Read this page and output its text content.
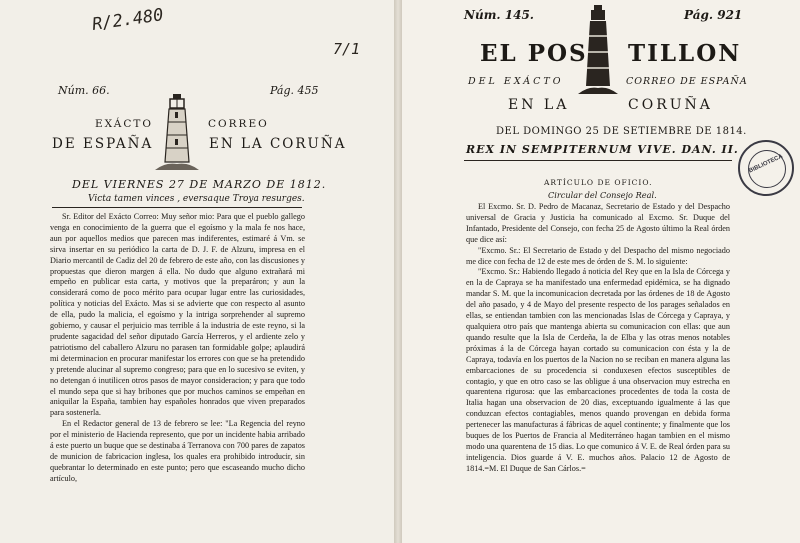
R/2.480
7/1
Núm. 66.	Pág. 455
EXÁCTO	CORREO
DE ESPAÑA	EN LA CORUÑA
DEL VIERNES 27 DE MARZO DE 1812.
Victa tamen vinces , eversaque Troya resurges.

Sr. Editor del Exácto Correo: Muy señor mio: Para que el pueblo gallego venga en conocimiento de la guerra que el egoísmo y la mala fe nos hace, aun por aquellos medios que parecen mas indiferentes, estimaré á Vm. se sirva insertar en su periódico la carta de D. J. F. de Alzuru, impresa en el Diario mercantil de Cadiz del 20 de febrero de este año, con las discusiones y propuestas que dieron margen á ella. No dudo que alguno extrañará mi empeño en publicar esta carta, y motivos que la preparáron; y aun la considerará como de poco mérito para ocupar lugar entre las curiosidades, política y noticias del Exácto. Mas si se advierte que con respecto al asunto de ella, pudo la malicia, el egoísmo y la intriga sorprehender al supremo gobierno, y causar el perjuicio mas terrible á la industria de este reyno, si la prudente sagacidad del señor diputado García Herreros, y el ardiente zelo y patriotismo del caballero Alzuru no parasen tan formidable golpe; aplaudirá mi determinacion en procurar manifestar los errores con que se ha pretendido y pretende alucinar al supremo congreso; para que en lo sucesivo se eviten, y no detengan ó inutilicen otros pasos de mayor consideracion; y para que todo el mundo sepa que si hay bribones que por muchos caminos se empeñan en aniquilar la España, tambien hay españoles honrados que viven preparados para sostenerla.

En el Redactor general de 13 de febrero se lee: "La Regencia del reyno por el ministerio de Hacienda represento, que por un incidente habia arribado á este puerto un buque que se destinaba á Terranova con 700 pares de zapatos de municion de fabricacion inglesa, los quales era prohibido introducir, sin quebrantar lo determinado en este punto; pero que escaseando mucho dicho artículo,

Núm. 145.	Pág. 921
EL POS TILLON
DEL EXÁCTO	CORREO DE ESPAÑA
EN LA	CORUÑA
DEL DOMINGO 25 DE SETIEMBRE DE 1814.
REX IN SEMPITERNUM VIVE. DAN. II.
ARTÍCULO DE OFICIO.
Circular del Consejo Real.

El Excmo. Sr. D. Pedro de Macanaz, Secretario de Estado y del Despacho universal de Gracia y Justicia ha comunicado al Excmo. Sr. Duque del Infantado, Presidente del Consejo, con fecha 25 de Agosto último la Real órden que dice así:

"Excmo. Sr.: El Secretario de Estado y del Despacho del mismo negociado me dice con fecha de 12 de este mes de órden de S. M. lo siguiente:

"Excmo. Sr.: Habiendo llegado á noticia del Rey que en la Isla de Córcega y en la de Capraya se ha manifestado una enfermedad epidémica, se ha dignado mandar S. M. que la incomunicacion decretada por las órdenes de 18 de Agosto del año pasado, y 4 de Mayo del presente respecto de los parages señalados en ellas, se entiendan tambien con las mencionadas Islas de Córcega y Capraya, y qualquiera otro país que mantenga abierta su comunicacion con ellas: que aun quando resulte que la Isla de Cerdeña, la de Elba y las otras menos notables próximas á la de Córcega hayan cortado su comunicacion con ésta y la de Capraya, todavía en los puertos de la Nacion no se reciban en manera alguna las embarcaciones de su procedencia si conduxesen efectos susceptibles de contagio, y que en otro caso se las obligue á una observacion muy estrecha en quarentena rigurosa: que las embarcaciones procedentes de toda la costa de Italia hagan una observacion de 20 dias, exceptuando igualmente á las que conduzcan efectos contagiables, menos quando provengan en debida forma pertenecer las manufacturas á fábricas de aquel continente; y finalmente que los buques de los Puertos de Francia al Mediterráneo hagan tambien en el mismo modo una quarentena de 15 dias. Lo que comunico á V. E. de Real órden para su inteligencia. Dios guarde á V. E. muchos años. Palacio 12 de Agosto de 1814.=M. El Duque de San Cárlos.=

BIBLIOTECA
